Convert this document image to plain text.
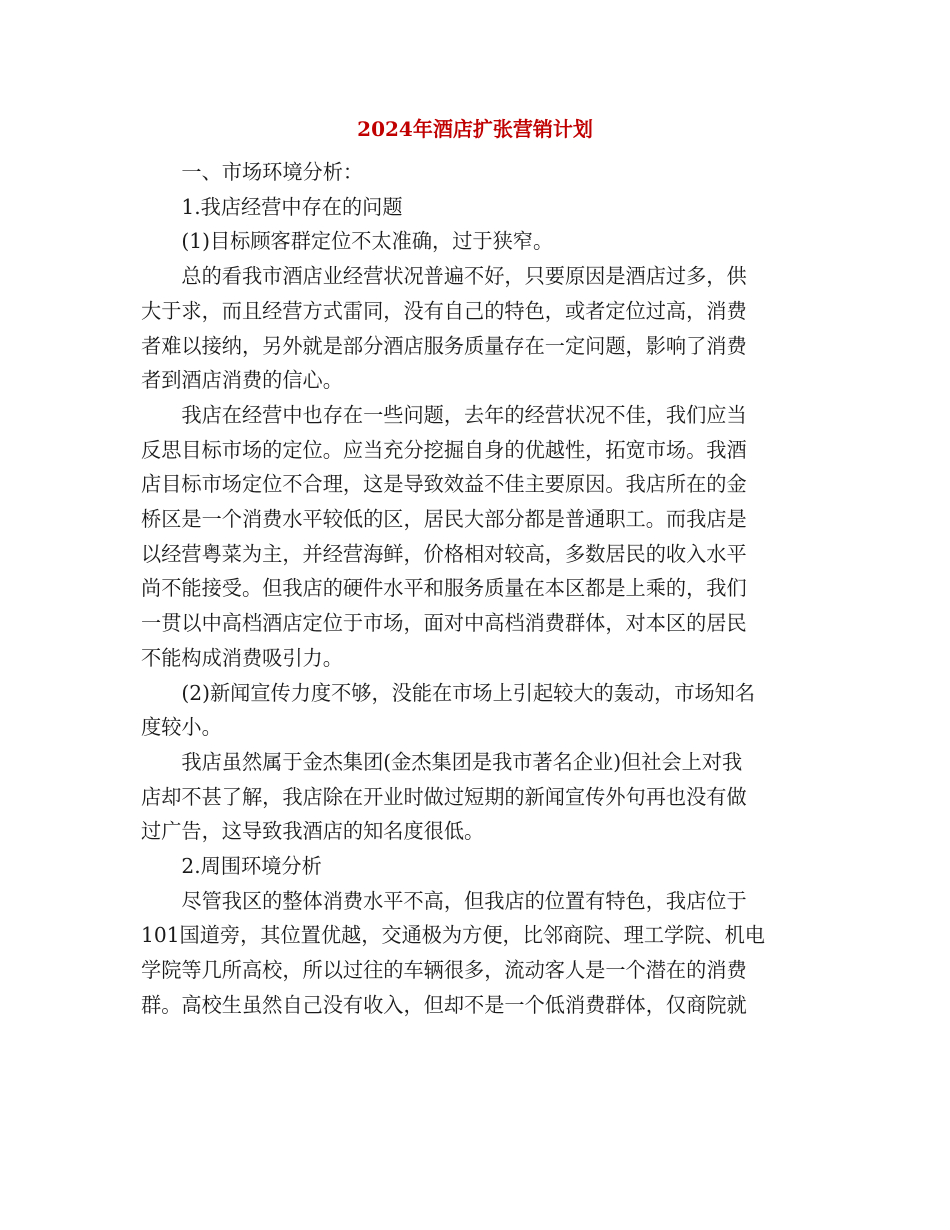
2024年酒店扩张营销计划

一、市场环境分析：

1.我店经营中存在的问题

(1)目标顾客群定位不太准确，过于狭窄。

总的看我市酒店业经营状况普遍不好，只要原因是酒店过多，供
大于求，而且经营方式雷同，没有自己的特色，或者定位过高，消费
者难以接纳，另外就是部分酒店服务质量存在一定问题，影响了消费
者到酒店消费的信心。

我店在经营中也存在一些问题，去年的经营状况不佳，我们应当
反思目标市场的定位。应当充分挖掘自身的优越性，拓宽市场。我酒
店目标市场定位不合理，这是导致效益不佳主要原因。我店所在的金
桥区是一个消费水平较低的区，居民大部分都是普通职工。而我店是
以经营粤菜为主，并经营海鲜，价格相对较高，多数居民的收入水平
尚不能接受。但我店的硬件水平和服务质量在本区都是上乘的，我们
一贯以中高档酒店定位于市场，面对中高档消费群体，对本区的居民
不能构成消费吸引力。

(2)新闻宣传力度不够，没能在市场上引起较大的轰动，市场知名
度较小。

我店虽然属于金杰集团(金杰集团是我市著名企业)但社会上对我
店却不甚了解，我店除在开业时做过短期的新闻宣传外句再也没有做
过广告，这导致我酒店的知名度很低。

2.周围环境分析

尽管我区的整体消费水平不高，但我店的位置有特色，我店位于
101国道旁，其位置优越，交通极为方便，比邻商院、理工学院、机电
学院等几所高校，所以过往的车辆很多，流动客人是一个潜在的消费
群。高校生虽然自己没有收入，但却不是一个低消费群体，仅商院就
